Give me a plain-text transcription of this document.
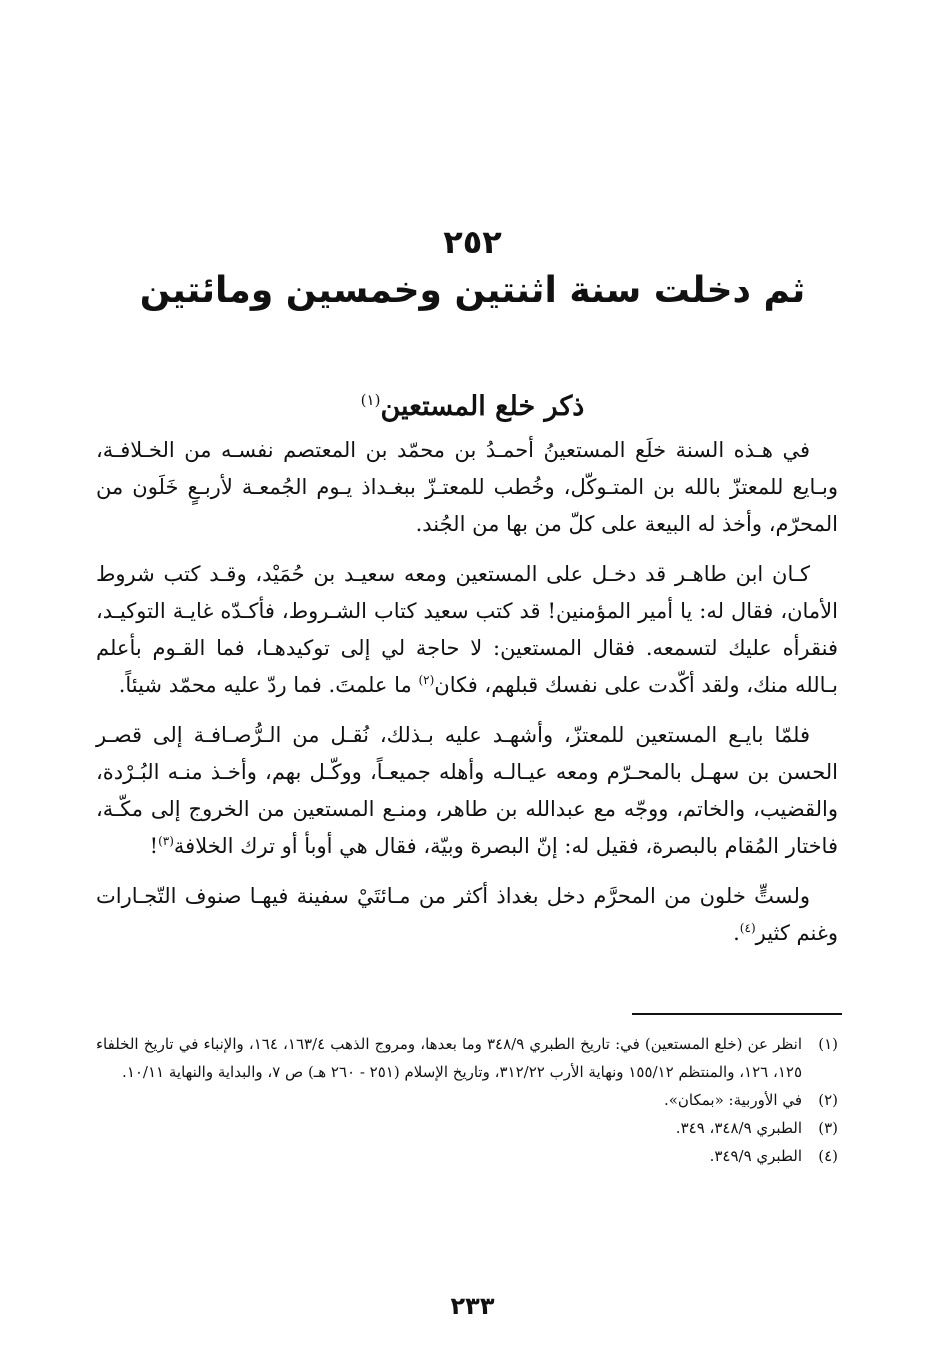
٢٥٢
ثم دخلت سنة اثنتين وخمسين ومائتين
ذكر خلع المستعين$^{(١)}$

في هـذه السنة خلَع المستعينُ أحمـدُ بن محمّد بن المعتصم نفسـه من الخـلافـة، وبـايع للمعتزّ بالله بن المتـوكّل، وخُطب للمعتـزّ ببغـداذ يـوم الجُمعـة لأربـعٍ خَلَون من المحرّم، وأخذ له البيعة على كلّ من بها من الجُند.

كـان ابن طاهـر قد دخـل على المستعين ومعه سعيـد بن حُمَيْد، وقـد كتب شروط الأمان، فقال له: يا أمير المؤمنين! قد كتب سعيد كتاب الشـروط، فأكـدّه غايـة التوكيـد، فنقرأه عليك لتسمعه. فقال المستعين: لا حاجة لي إلى توكيدهـا، فما القـوم بأعلم بـالله منك، ولقد أكّدت على نفسك قبلهم، فكان$^{(٢)}$ ما علمتَ. فما ردّ عليه محمّد شيئاً.

فلمّا بايـع المستعين للمعتزّ، وأشهـد عليه بـذلك، نُقـل من الـرُّصـافـة إلى قصـر الحسن بن سهـل بالمحـرّم ومعه عيـالـه وأهله جميعـاً، ووكّـل بهم، وأخـذ منـه البُـرْدة، والقضيب، والخاتم، ووجّه مع عبدالله بن طاهر، ومنـع المستعين من الخروج إلى مكّـة، فاختار المُقام بالبصرة، فقيل له: إنّ البصرة وبيّة، فقال هي أوبأ أو ترك الخلافة$^{(٣)}$!

ولستٍّ خلون من المحرَّم دخل بغداذ أكثر من مـائتَيْ سفينة فيهـا صنوف التّجـارات وغنم كثير$^{(٤)}$.

(١)
انظر عن (خلع المستعين) في: تاريخ الطبري ٣٤٨/٩ وما بعدها، ومروج الذهب ١٦٣/٤، ١٦٤، والإنباء في تاريخ الخلفاء ١٢٥، ١٢٦، والمنتظم ١٥٥/١٢ ونهاية الأرب ٣١٢/٢٢، وتاريخ الإسلام (٢٥١ - ٢٦٠ هـ) ص ٧، والبداية والنهاية ١٠/١١.
(٢)
في الأوربية: «بمكان».
(٣)
الطبري ٣٤٨/٩، ٣٤٩.
(٤)
الطبري ٣٤٩/٩.
٢٣٣
